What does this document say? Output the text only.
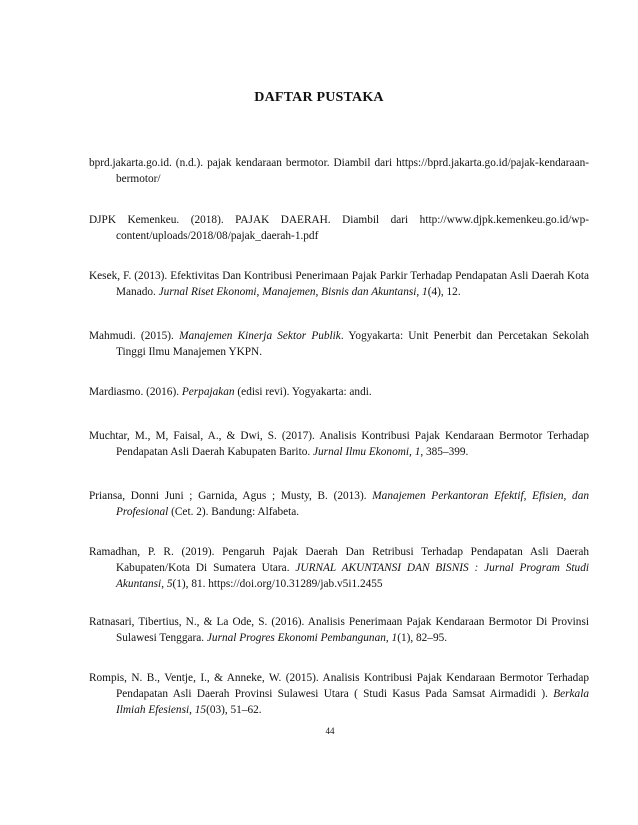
DAFTAR PUSTAKA
bprd.jakarta.go.id. (n.d.). pajak kendaraan bermotor. Diambil dari https://bprd.jakarta.go.id/pajak-kendaraan-bermotor/
DJPK Kemenkeu. (2018). PAJAK DAERAH. Diambil dari http://www.djpk.kemenkeu.go.id/wp-content/uploads/2018/08/pajak_daerah-1.pdf
Kesek, F. (2013). Efektivitas Dan Kontribusi Penerimaan Pajak Parkir Terhadap Pendapatan Asli Daerah Kota Manado. Jurnal Riset Ekonomi, Manajemen, Bisnis dan Akuntansi, 1(4), 12.
Mahmudi. (2015). Manajemen Kinerja Sektor Publik. Yogyakarta: Unit Penerbit dan Percetakan Sekolah Tinggi Ilmu Manajemen YKPN.
Mardiasmo. (2016). Perpajakan (edisi revi). Yogyakarta: andi.
Muchtar, M., M, Faisal, A., & Dwi, S. (2017). Analisis Kontribusi Pajak Kendaraan Bermotor Terhadap Pendapatan Asli Daerah Kabupaten Barito. Jurnal Ilmu Ekonomi, 1, 385–399.
Priansa, Donni Juni ; Garnida, Agus ; Musty, B. (2013). Manajemen Perkantoran Efektif, Efisien, dan Profesional (Cet. 2). Bandung: Alfabeta.
Ramadhan, P. R. (2019). Pengaruh Pajak Daerah Dan Retribusi Terhadap Pendapatan Asli Daerah Kabupaten/Kota Di Sumatera Utara. JURNAL AKUNTANSI DAN BISNIS : Jurnal Program Studi Akuntansi, 5(1), 81. https://doi.org/10.31289/jab.v5i1.2455
Ratnasari, Tibertius, N., & La Ode, S. (2016). Analisis Penerimaan Pajak Kendaraan Bermotor Di Provinsi Sulawesi Tenggara. Jurnal Progres Ekonomi Pembangunan, 1(1), 82–95.
Rompis, N. B., Ventje, I., & Anneke, W. (2015). Analisis Kontribusi Pajak Kendaraan Bermotor Terhadap Pendapatan Asli Daerah Provinsi Sulawesi Utara ( Studi Kasus Pada Samsat Airmadidi ). Berkala Ilmiah Efesiensi, 15(03), 51–62.
44
